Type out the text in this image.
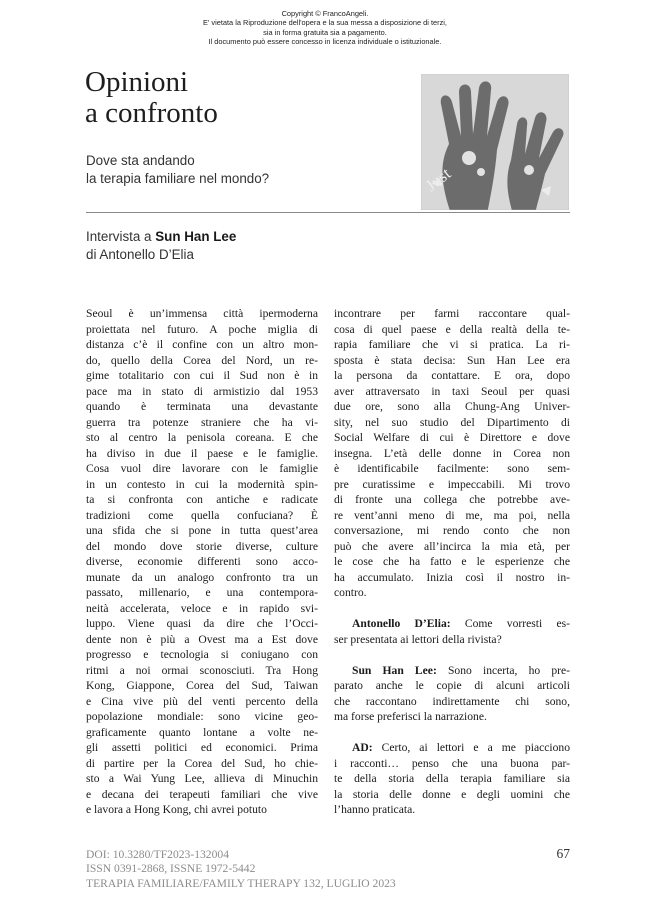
Copyright © FrancoAngeli.
E' vietata la Riproduzione dell'opera e la sua messa a disposizione di terzi,
sia in forma gratuita sia a pagamento.
Il documento può essere concesso in licenza individuale o istituzionale.
Opinioni
a confronto
Dove sta andando
la terapia familiare nel mondo?	Just
Intervista a Sun Han Lee
di Antonello D’Elia
Seoul è un’immensa città ipermoderna
proiettata nel futuro. A poche miglia di
distanza c’è il confine con un altro mon-
do, quello della Corea del Nord, un re-
gime totalitario con cui il Sud non è in
pace ma in stato di armistizio dal 1953
quando è terminata una devastante
guerra tra potenze straniere che ha vi-
sto al centro la penisola coreana. E che
ha diviso in due il paese e le famiglie.
Cosa vuol dire lavorare con le famiglie
in un contesto in cui la modernità spin-
ta si confronta con antiche e radicate
tradizioni come quella confuciana? È
una sfida che si pone in tutta quest’area
del mondo dove storie diverse, culture
diverse, economie differenti sono acco-
munate da un analogo confronto tra un
passato, millenario, e una contempora-
neità accelerata, veloce e in rapido svi-
luppo. Viene quasi da dire che l’Occi-
dente non è più a Ovest ma a Est dove
progresso e tecnologia si coniugano con
ritmi a noi ormai sconosciuti. Tra Hong
Kong, Giappone, Corea del Sud, Taiwan
e Cina vive più del venti percento della
popolazione mondiale: sono vicine geo-
graficamente quanto lontane a volte ne-
gli assetti politici ed economici. Prima
di partire per la Corea del Sud, ho chie-
sto a Wai Yung Lee, allieva di Minuchin
e decana dei terapeuti familiari che vive
e lavora a Hong Kong, chi avrei potuto
incontrare per farmi raccontare qual-
cosa di quel paese e della realtà della te-
rapia familiare che vi si pratica. La ri-
sposta è stata decisa: Sun Han Lee era
la persona da contattare. E ora, dopo
aver attraversato in taxi Seoul per quasi
due ore, sono alla Chung-Ang Univer-
sity, nel suo studio del Dipartimento di
Social Welfare di cui è Direttore e dove
insegna. L’età delle donne in Corea non
è identificabile facilmente: sono sem-
pre curatissime e impeccabili. Mi trovo
di fronte una collega che potrebbe ave-
re vent’anni meno di me, ma poi, nella
conversazione, mi rendo conto che non
può che avere all’incirca la mia età, per
le cose che ha fatto e le esperienze che
ha accumulato. Inizia così il nostro in-
contro.
Antonello D’Elia: Come vorresti es-
ser presentata ai lettori della rivista?
Sun Han Lee: Sono incerta, ho pre-
parato anche le copie di alcuni articoli
che raccontano indirettamente chi sono,
ma forse preferisci la narrazione.
AD: Certo, ai lettori e a me piacciono
i racconti… penso che una buona par-
te della storia della terapia familiare sia
la storia delle donne e degli uomini che
l’hanno praticata.
DOI: 10.3280/TF2023-132004
ISSN 0391-2868, ISSNE 1972-5442
TERAPIA FAMILIARE/FAMILY THERAPY 132, LUGLIO 2023
67
